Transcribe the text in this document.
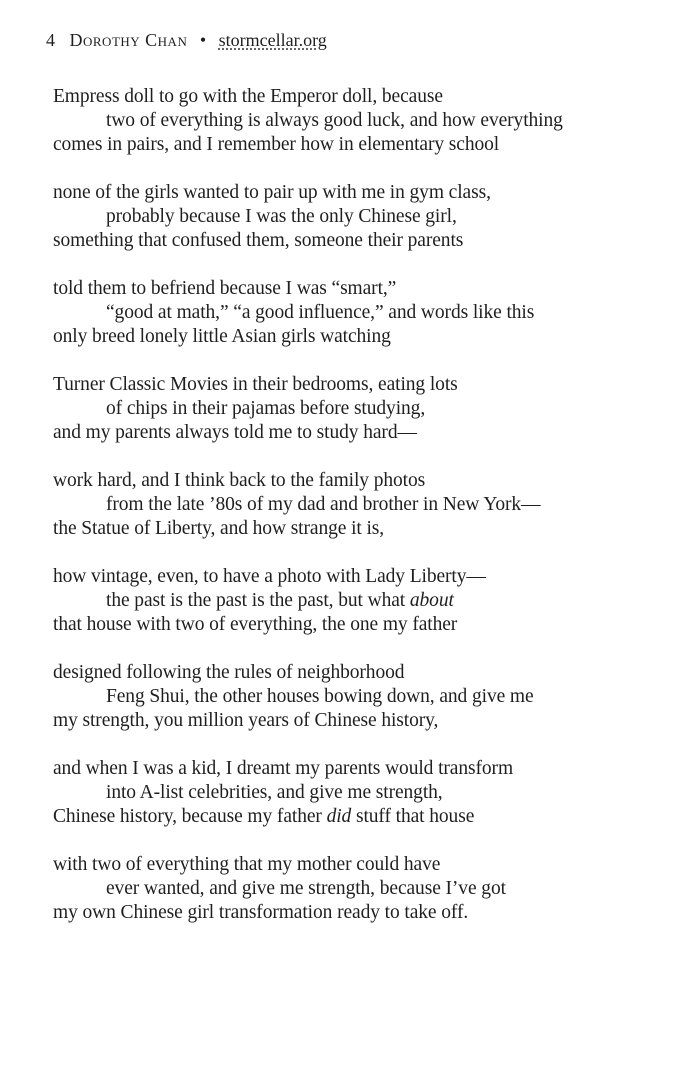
4 Dorothy Chan • stormcellar.org
Empress doll to go with the Emperor doll, because
two of everything is always good luck, and how everything
comes in pairs, and I remember how in elementary school
none of the girls wanted to pair up with me in gym class,
probably because I was the only Chinese girl,
something that confused them, someone their parents
told them to befriend because I was “smart,”
“good at math,” “a good influence,” and words like this
only breed lonely little Asian girls watching
Turner Classic Movies in their bedrooms, eating lots
of chips in their pajamas before studying,
and my parents always told me to study hard—
work hard, and I think back to the family photos
from the late ’80s of my dad and brother in New York—
the Statue of Liberty, and how strange it is,
how vintage, even, to have a photo with Lady Liberty—
the past is the past is the past, but what about
that house with two of everything, the one my father
designed following the rules of neighborhood
Feng Shui, the other houses bowing down, and give me
my strength, you million years of Chinese history,
and when I was a kid, I dreamt my parents would transform
into A-list celebrities, and give me strength,
Chinese history, because my father did stuff that house
with two of everything that my mother could have
ever wanted, and give me strength, because I’ve got
my own Chinese girl transformation ready to take off.
